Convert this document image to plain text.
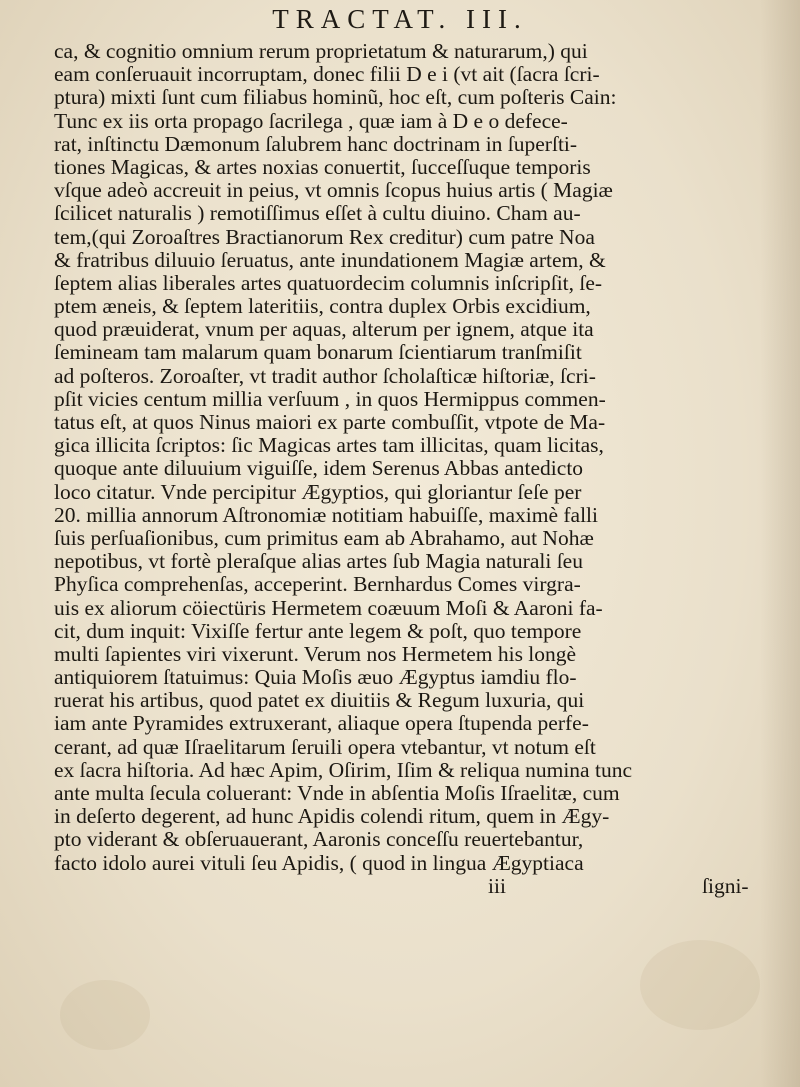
TRACTAT. III.
ca, & cognitio omnium rerum proprietatum & naturarum,) qui
eam conſeruauit incorruptam, donec filii D e i (vt ait (ſacra ſcri-
ptura) mixti ſunt cum filiabus hominũ, hoc eſt, cum poſteris Cain:
Tunc ex iis orta propago ſacrilega , quæ iam à D e o defece-
rat, inſtinctu Dæmonum ſalubrem hanc doctrinam in ſuperſti-
tiones Magicas, & artes noxias conuertit, ſucceſſuque temporis
vſque adeò accreuit in peius, vt omnis ſcopus huius artis ( Magiæ
ſcilicet naturalis ) remotiſſimus eſſet à cultu diuino. Cham au-
tem,(qui Zoroaſtres Bractianorum Rex creditur) cum patre Noa
& fratribus diluuio ſeruatus, ante inundationem Magiæ artem, &
ſeptem alias liberales artes quatuordecim columnis inſcripſit, ſe-
ptem æneis, & ſeptem lateritiis, contra duplex Orbis excidium,
quod præuiderat, vnum per aquas, alterum per ignem, atque ita
ſemineam tam malarum quam bonarum ſcientiarum tranſmiſit
ad poſteros. Zoroaſter, vt tradit author ſcholaſticæ hiſtoriæ, ſcri-
pſit vicies centum millia verſuum , in quos Hermippus commen-
tatus eſt, at quos Ninus maiori ex parte combuſſit, vtpote de Ma-
gica illicita ſcriptos: ſic Magicas artes tam illicitas, quam licitas,
quoque ante diluuium viguiſſe, idem Serenus Abbas antedicto
loco citatur. Vnde percipitur Ægyptios, qui gloriantur ſeſe per
20. millia annorum Aſtronomiæ notitiam habuiſſe, maximè falli
ſuis perſuaſionibus, cum primitus eam ab Abrahamo, aut Nohæ
nepotibus, vt fortè pleraſque alias artes ſub Magia naturali ſeu
Phyſica comprehenſas, acceperint. Bernhardus Comes virgra-
uis ex aliorum cöiectüris Hermetem coæuum Moſi & Aaroni fa-
cit, dum inquit: Vixiſſe fertur ante legem & poſt, quo tempore
multi ſapientes viri vixerunt. Verum nos Hermetem his longè
antiquiorem ſtatuimus: Quia Moſis æuo Ægyptus iamdiu flo-
ruerat his artibus, quod patet ex diuitiis & Regum luxuria, qui
iam ante Pyramides extruxerant, aliaque opera ſtupenda perfe-
cerant, ad quæ Iſraelitarum ſeruili opera vtebantur, vt notum eſt
ex ſacra hiſtoria. Ad hæc Apim, Oſirim, Iſim & reliqua numina tunc
ante multa ſecula coluerant: Vnde in abſentia Moſis Iſraelitæ, cum
in deſerto degerent, ad hunc Apidis colendi ritum, quem in Ægy-
pto viderant & obſeruauerant, Aaronis conceſſu reuertebantur,
facto idolo aurei vituli ſeu Apidis, ( quod in lingua Ægyptiaca
iii	ſigni-
